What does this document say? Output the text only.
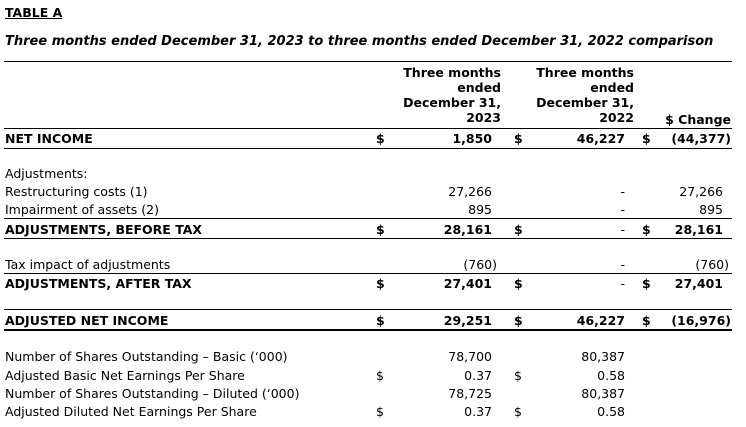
TABLE A
Three months ended December 31, 2023 to three months ended December 31, 2022 comparison
Three months
ended
December 31,
2023
Three months
ended
December 31,
2022	$ Change
NET INCOME	$	1,850 $	46,227 $	(44,377)
Adjustments:
Restructuring costs (1)	27,266	-	27,266
Impairment of assets (2)	895	-	895
ADJUSTMENTS, BEFORE TAX	$	28,161 $	- $	28,161
Tax impact of adjustments	(760)	-	(760)
ADJUSTMENTS, AFTER TAX	$	27,401 $	- $	27,401
ADJUSTED NET INCOME	$	29,251 $	46,227 $	(16,976)
Number of Shares Outstanding – Basic (‘000)	78,700	80,387
Adjusted Basic Net Earnings Per Share	$	0.37 $	0.58
Number of Shares Outstanding – Diluted (‘000)	78,725	80,387
Adjusted Diluted Net Earnings Per Share	$	0.37 $	0.58
